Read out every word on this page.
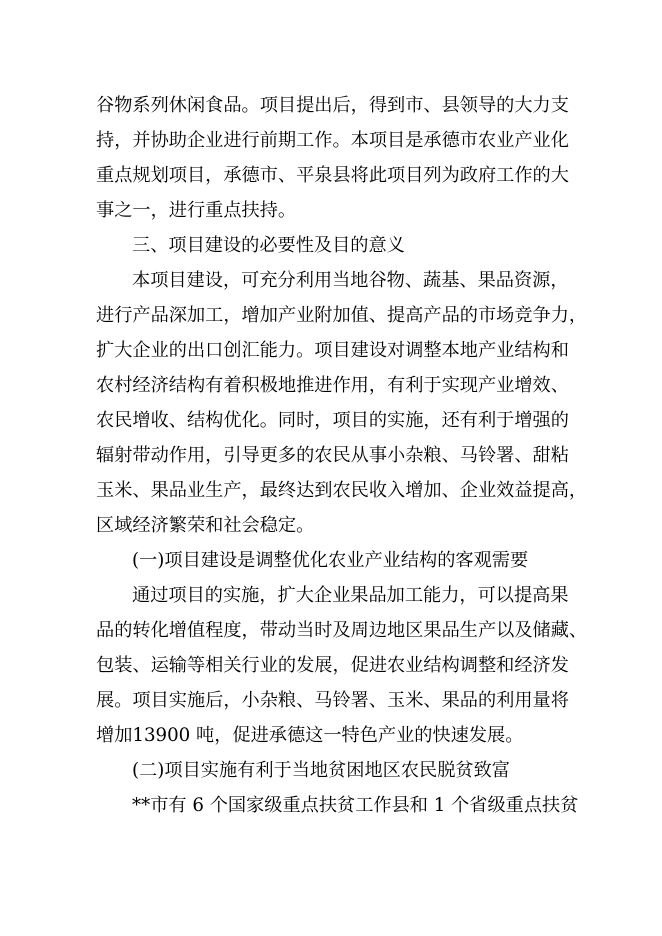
谷物系列休闲食品。项目提出后，得到市、县领导的大力支
持，并协助企业进行前期工作。本项目是承德市农业产业化
重点规划项目，承德市、平泉县将此项目列为政府工作的大
事之一，进行重点扶持。
三、项目建设的必要性及目的意义
本项目建设，可充分利用当地谷物、蔬基、果品资源，
进行产品深加工，增加产业附加值、提高产品的市场竞争力，
扩大企业的出口创汇能力。项目建设对调整本地产业结构和
农村经济结构有着积极地推进作用，有利于实现产业增效、
农民增收、结构优化。同时，项目的实施，还有利于增强的
辐射带动作用，引导更多的农民从事小杂粮、马铃署、甜粘
玉米、果品业生产，最终达到农民收入增加、企业效益提高，
区域经济繁荣和社会稳定。
(一)项目建设是调整优化农业产业结构的客观需要
通过项目的实施，扩大企业果品加工能力，可以提高果
品的转化增值程度，带动当时及周边地区果品生产以及储藏、
包装、运输等相关行业的发展，促进农业结构调整和经济发
展。项目实施后，小杂粮、马铃署、玉米、果品的利用量将
增加13900 吨，促进承德这一特色产业的快速发展。
(二)项目实施有利于当地贫困地区农民脱贫致富
**市有 6 个国家级重点扶贫工作县和 1 个省级重点扶贫
